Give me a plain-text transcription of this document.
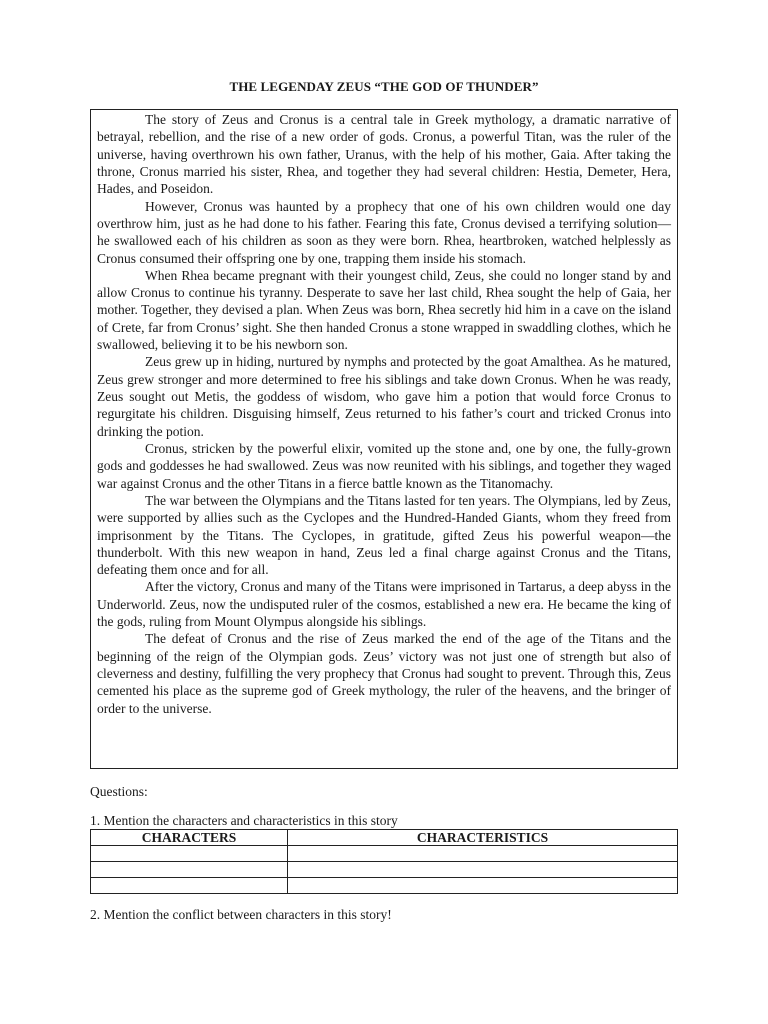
THE LEGENDAY ZEUS “THE GOD OF THUNDER”

The story of Zeus and Cronus is a central tale in Greek mythology, a dramatic narrative of betrayal, rebellion, and the rise of a new order of gods. Cronus, a powerful Titan, was the ruler of the universe, having overthrown his own father, Uranus, with the help of his mother, Gaia. After taking the throne, Cronus married his sister, Rhea, and together they had several children: Hestia, Demeter, Hera, Hades, and Poseidon.

However, Cronus was haunted by a prophecy that one of his own children would one day overthrow him, just as he had done to his father. Fearing this fate, Cronus devised a terrifying solution—he swallowed each of his children as soon as they were born. Rhea, heartbroken, watched helplessly as Cronus consumed their offspring one by one, trapping them inside his stomach.

When Rhea became pregnant with their youngest child, Zeus, she could no longer stand by and allow Cronus to continue his tyranny. Desperate to save her last child, Rhea sought the help of Gaia, her mother. Together, they devised a plan. When Zeus was born, Rhea secretly hid him in a cave on the island of Crete, far from Cronus’ sight. She then handed Cronus a stone wrapped in swaddling clothes, which he swallowed, believing it to be his newborn son.

Zeus grew up in hiding, nurtured by nymphs and protected by the goat Amalthea. As he matured, Zeus grew stronger and more determined to free his siblings and take down Cronus. When he was ready, Zeus sought out Metis, the goddess of wisdom, who gave him a potion that would force Cronus to regurgitate his children. Disguising himself, Zeus returned to his father’s court and tricked Cronus into drinking the potion.

Cronus, stricken by the powerful elixir, vomited up the stone and, one by one, the fully-grown gods and goddesses he had swallowed. Zeus was now reunited with his siblings, and together they waged war against Cronus and the other Titans in a fierce battle known as the Titanomachy.

The war between the Olympians and the Titans lasted for ten years. The Olympians, led by Zeus, were supported by allies such as the Cyclopes and the Hundred-Handed Giants, whom they freed from imprisonment by the Titans. The Cyclopes, in gratitude, gifted Zeus his powerful weapon—the thunderbolt. With this new weapon in hand, Zeus led a final charge against Cronus and the Titans, defeating them once and for all.

After the victory, Cronus and many of the Titans were imprisoned in Tartarus, a deep abyss in the Underworld. Zeus, now the undisputed ruler of the cosmos, established a new era. He became the king of the gods, ruling from Mount Olympus alongside his siblings.

The defeat of Cronus and the rise of Zeus marked the end of the age of the Titans and the beginning of the reign of the Olympian gods. Zeus’ victory was not just one of strength but also of cleverness and destiny, fulfilling the very prophecy that Cronus had sought to prevent. Through this, Zeus cemented his place as the supreme god of Greek mythology, the ruler of the heavens, and the bringer of order to the universe.

Questions:
1. Mention the characters and characteristics in this story
CHARACTERS	CHARACTERISTICS

2. Mention the conflict between characters in this story!
